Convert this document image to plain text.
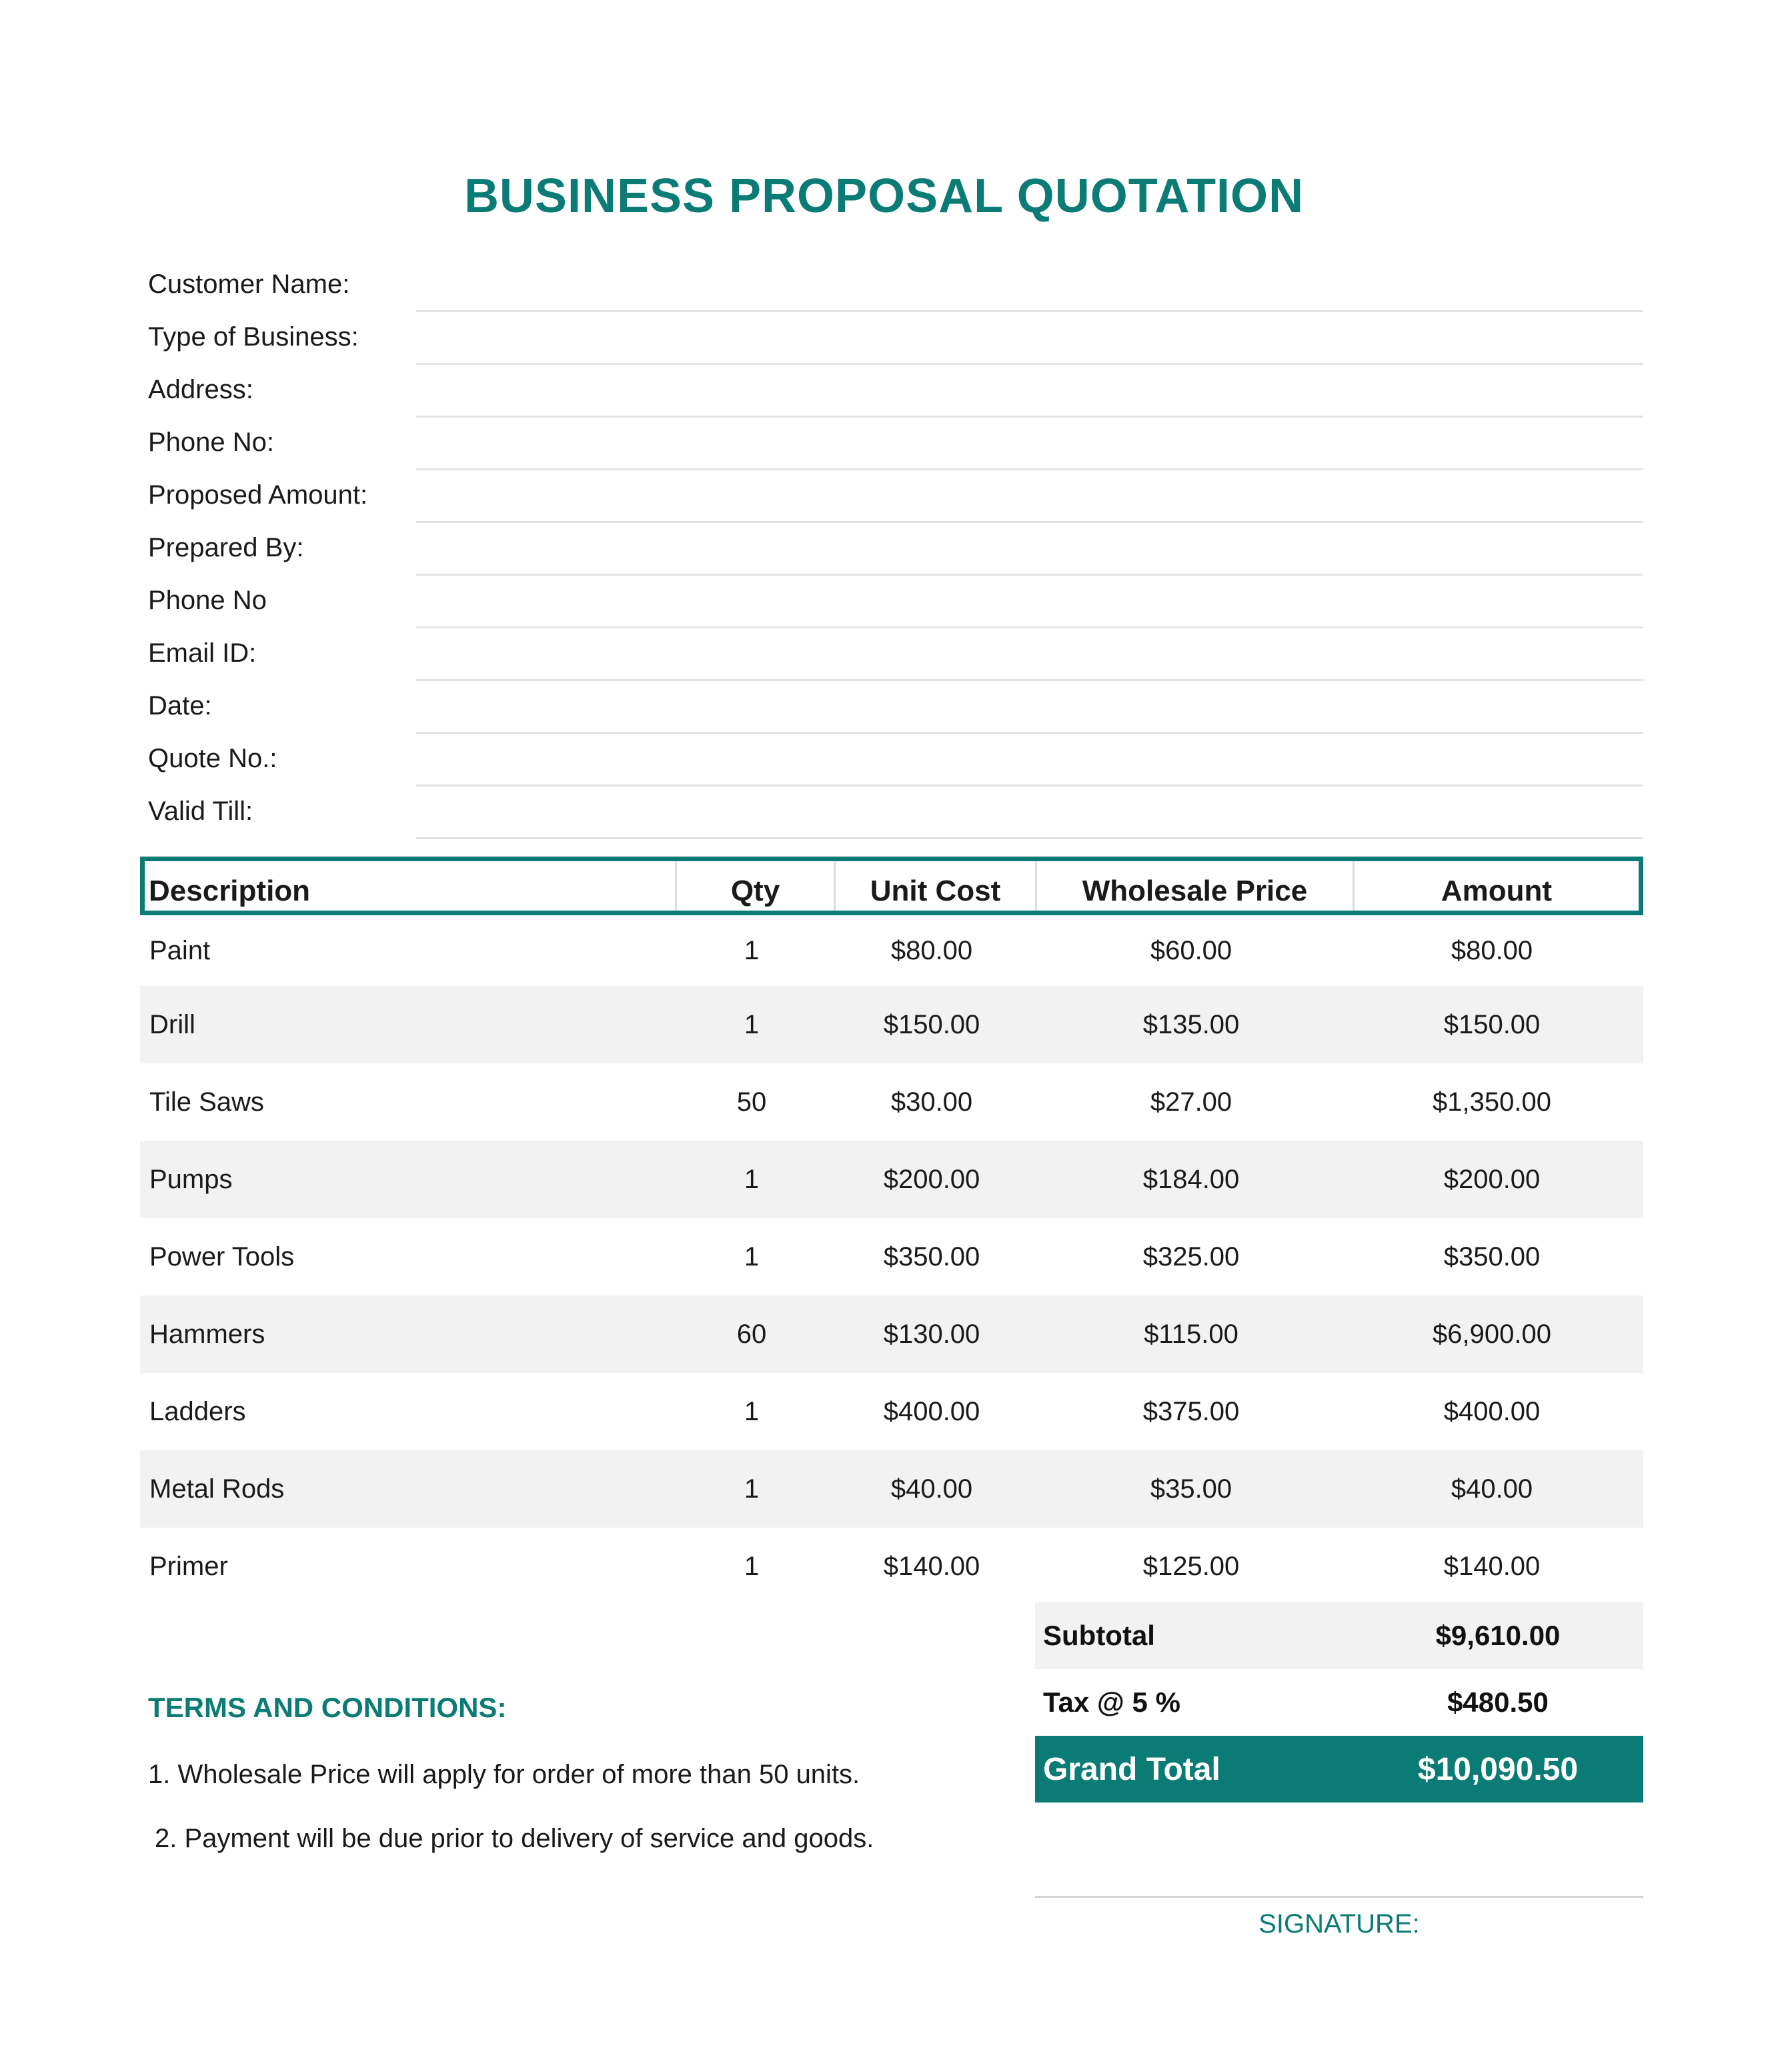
BUSINESS PROPOSAL QUOTATION
Customer Name:
Type of Business:
Address:
Phone No:
Proposed Amount:
Prepared By:
Phone No
Email ID:
Date:
Quote No.:
Valid Till:
Description	Qty	Unit Cost	Wholesale Price	Amount
Paint	1	$80.00	$60.00	$80.00
Drill	1	$150.00	$135.00	$150.00
Tile Saws	50	$30.00	$27.00	$1,350.00
Pumps	1	$200.00	$184.00	$200.00
Power Tools	1	$350.00	$325.00	$350.00
Hammers	60	$130.00	$115.00	$6,900.00
Ladders	1	$400.00	$375.00	$400.00
Metal Rods	1	$40.00	$35.00	$40.00
Primer	1	$140.00	$125.00	$140.00
Subtotal	$9,610.00
Tax @ 5 %	$480.50
Grand Total	$10,090.50
TERMS AND CONDITIONS:
1. Wholesale Price will apply for order of more than 50 units.
2. Payment will be due prior to delivery of service and goods.
SIGNATURE:
